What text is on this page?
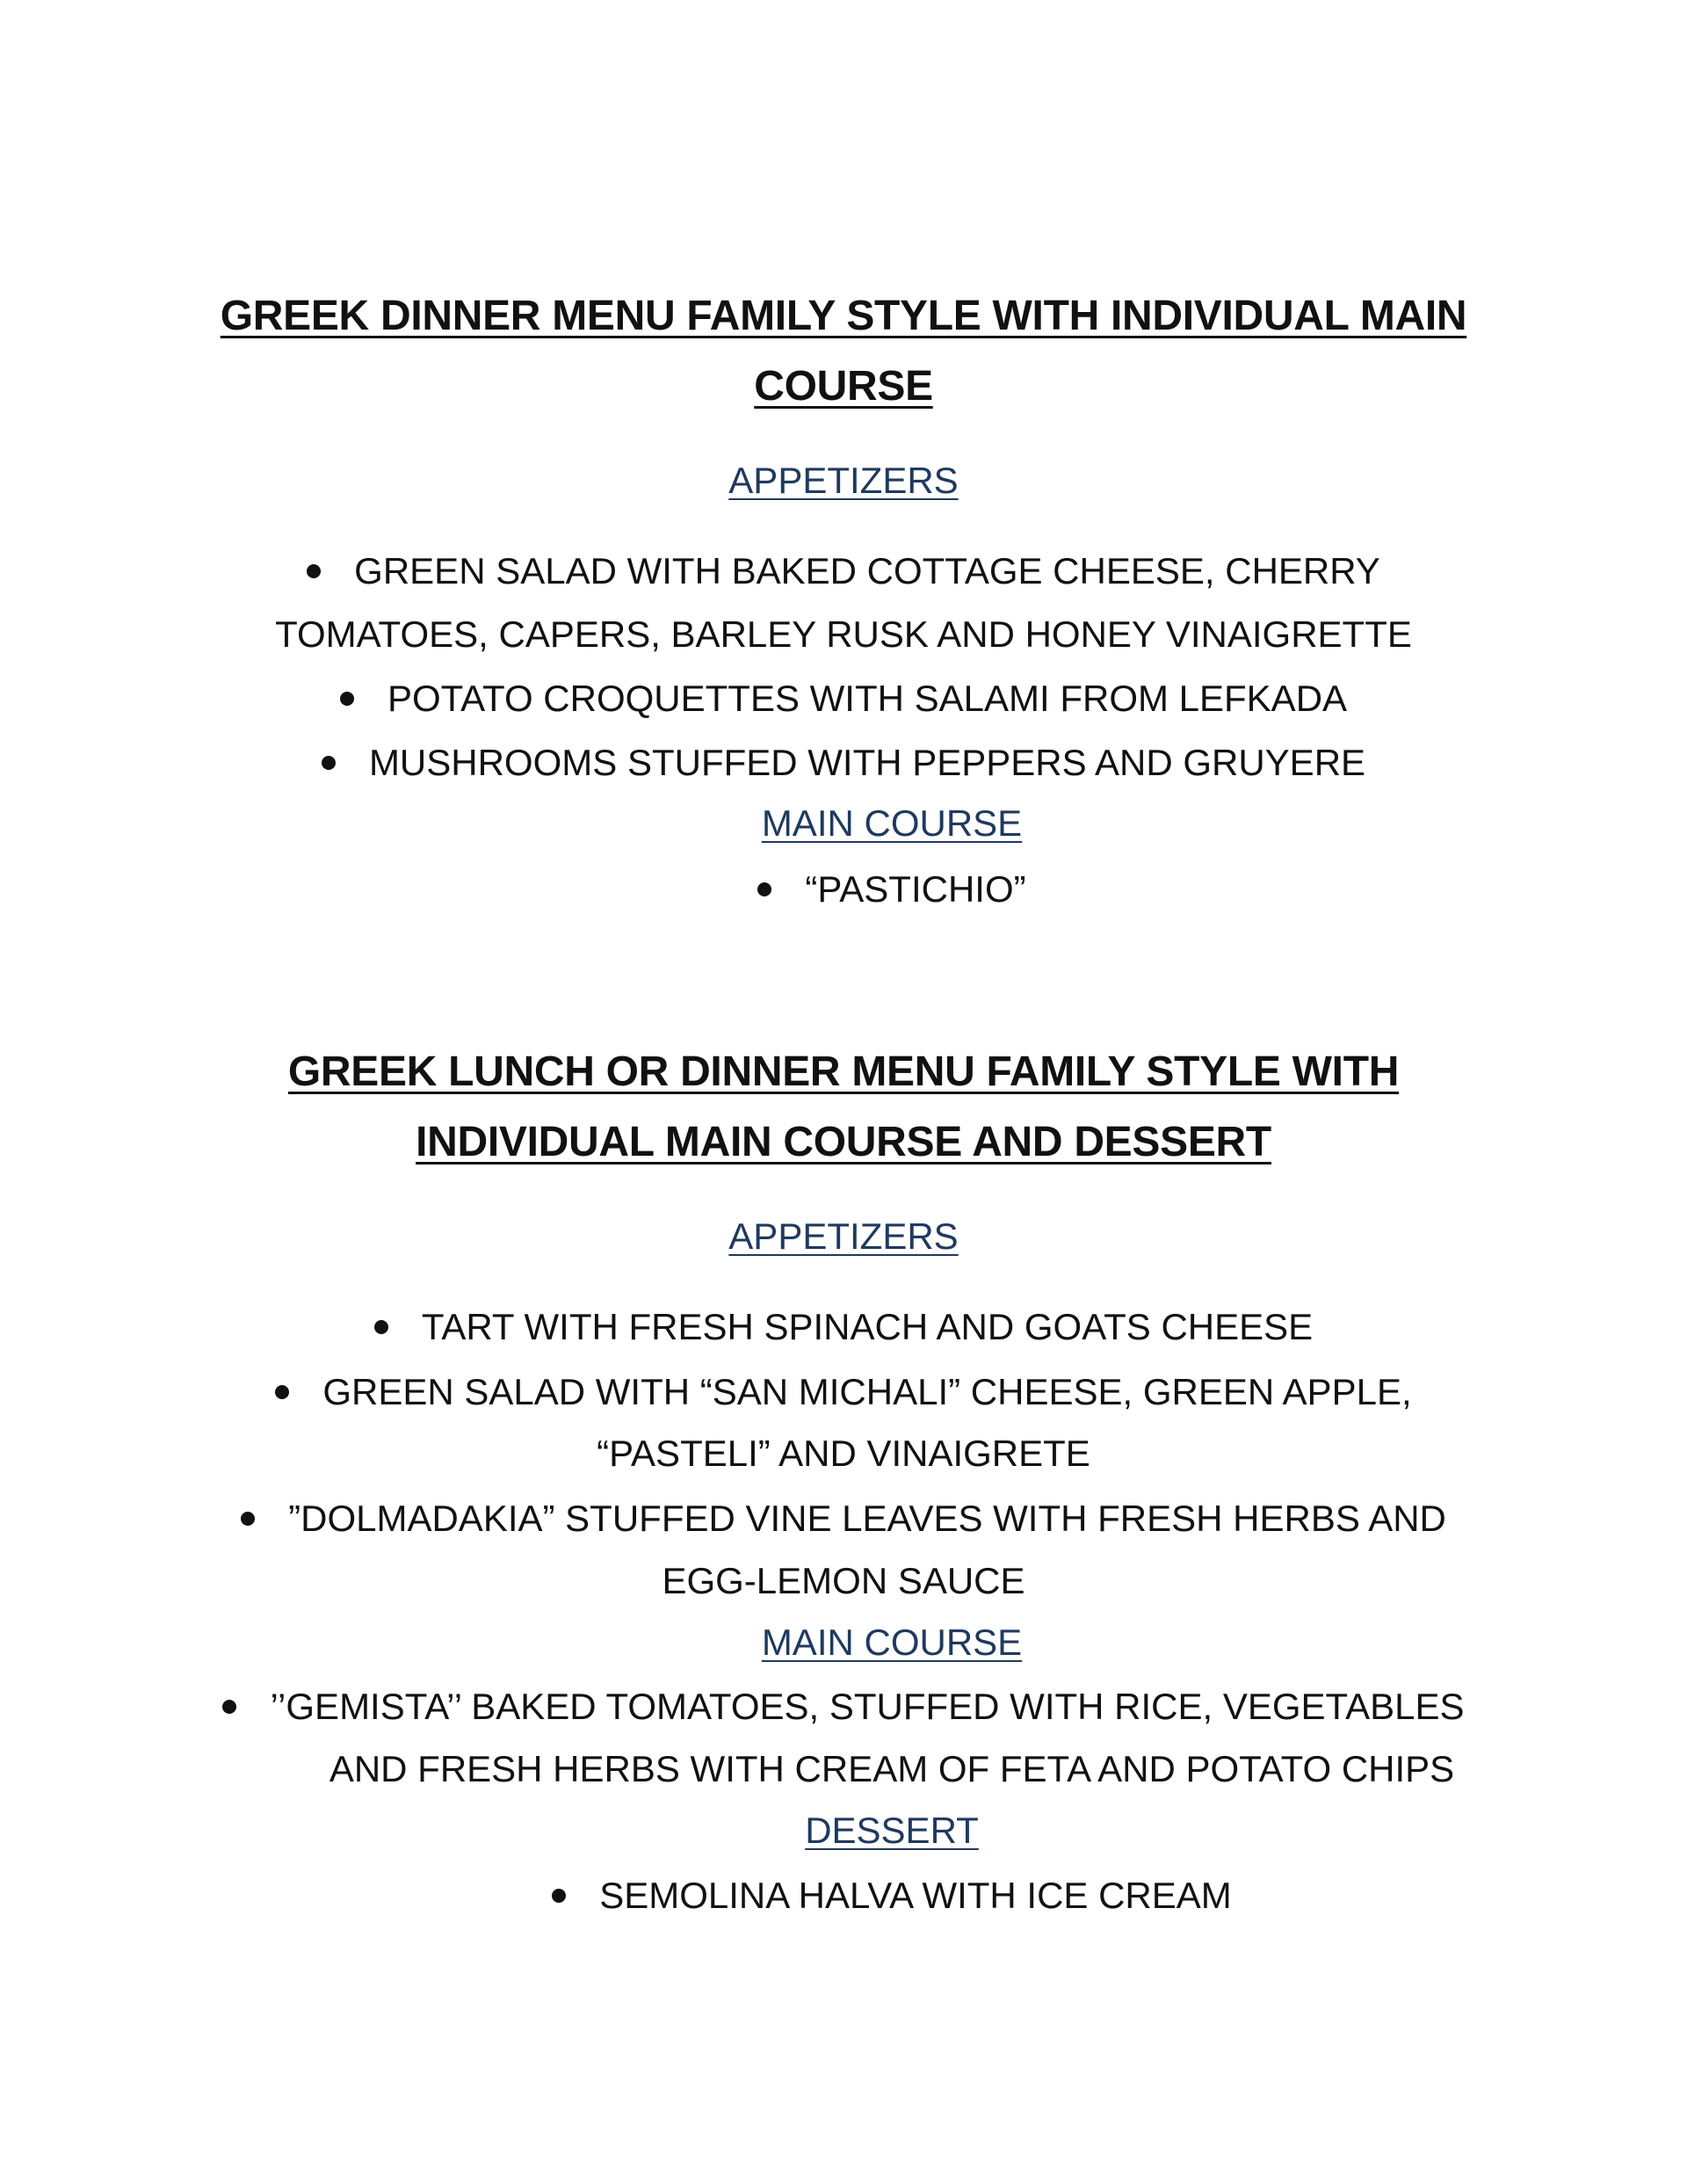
GREEK DINNER MENU FAMILY STYLE WITH INDIVIDUAL MAIN
COURSE
APPETIZERS
GREEN SALAD WITH BAKED COTTAGE CHEESE, CHERRY
TOMATOES, CAPERS, BARLEY RUSK AND HONEY VINAIGRETTE
POTATO CROQUETTES WITH SALAMI FROM LEFKADA
MUSHROOMS STUFFED WITH PEPPERS AND GRUYERE
MAIN COURSE
“PASTICHIO”
GREEK LUNCH OR DINNER MENU FAMILY STYLE WITH
INDIVIDUAL MAIN COURSE AND DESSERT
APPETIZERS
TART WITH FRESH SPINACH AND GOATS CHEESE
GREEN SALAD WITH “SAN MICHALI” CHEESE, GREEN APPLE,
“PASTELI” AND VINAIGRETE
”DOLMADAKIA” STUFFED VINE LEAVES WITH FRESH HERBS AND
EGG-LEMON SAUCE
MAIN COURSE
’’GEMISTA’’ BAKED TOMATOES, STUFFED WITH RICE, VEGETABLES
AND FRESH HERBS WITH CREAM OF FETA AND POTATO CHIPS
DESSERT
SEMOLINA HALVA WITH ICE CREAM
